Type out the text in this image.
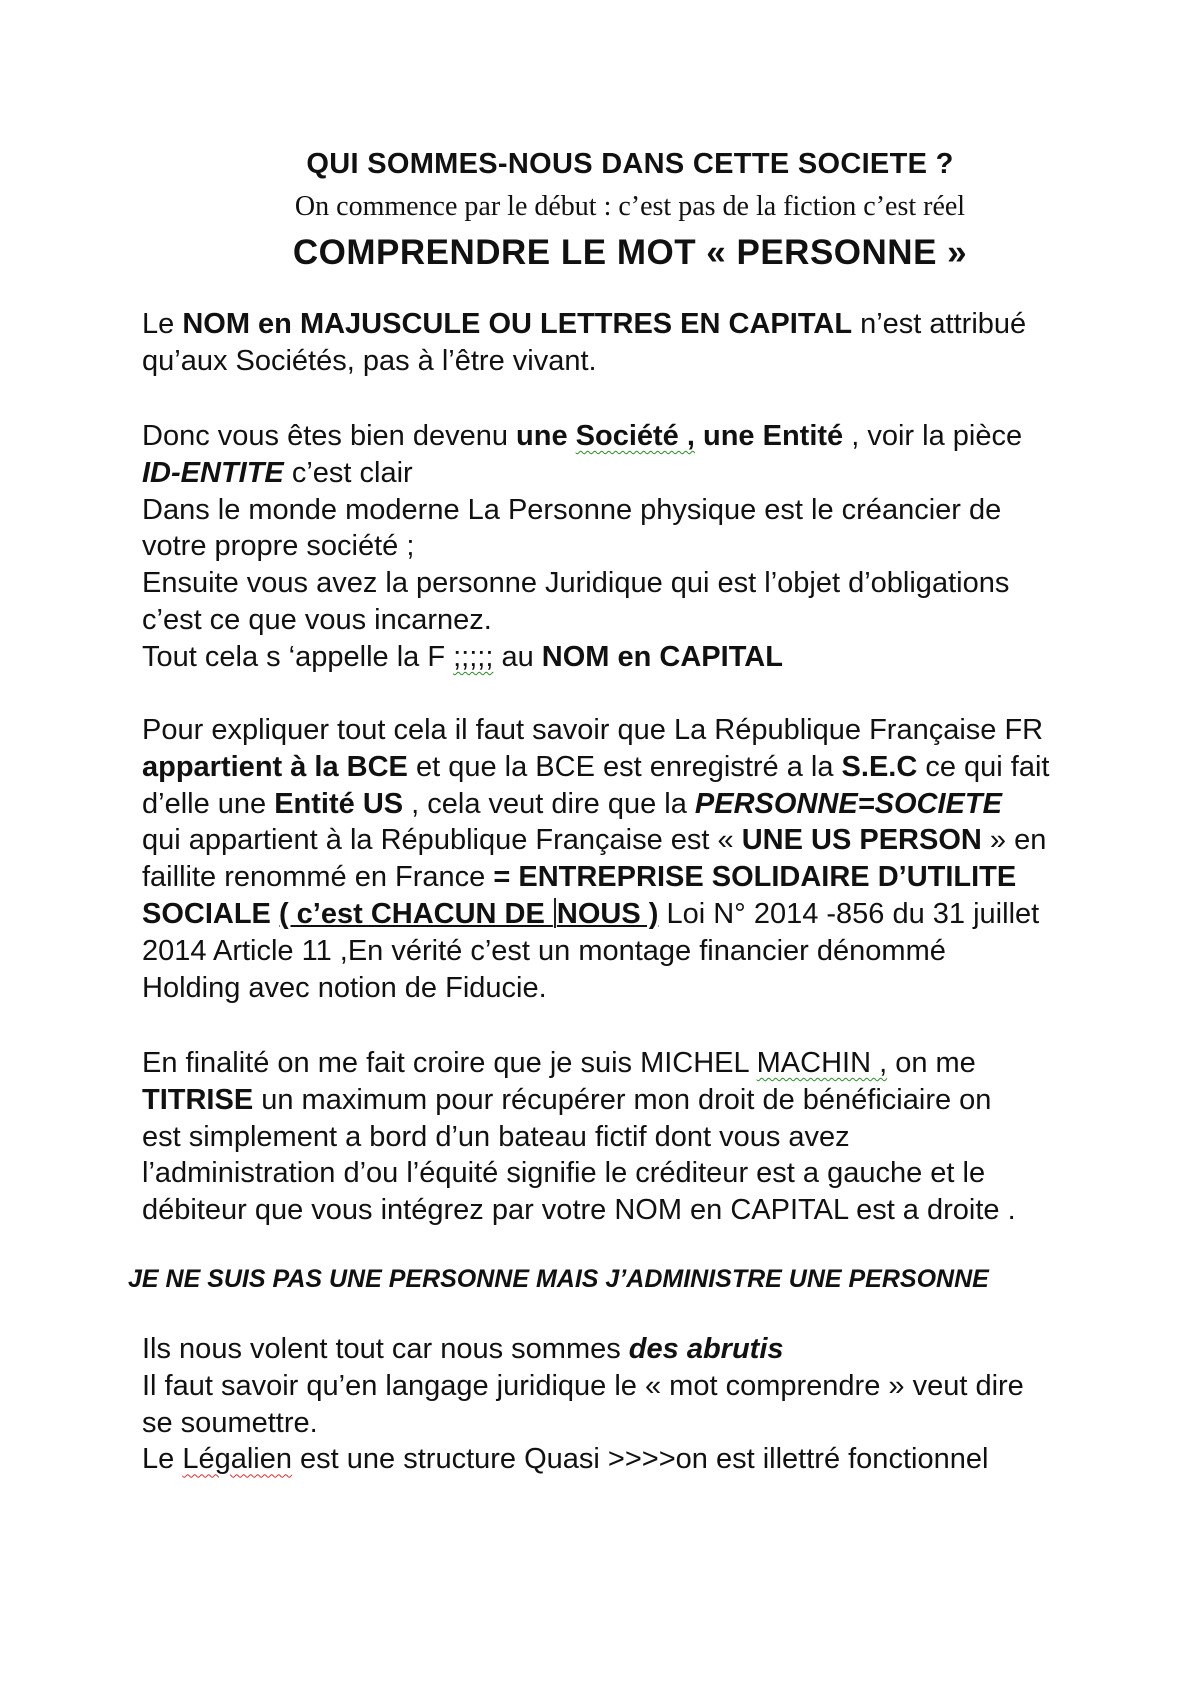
QUI SOMMES-NOUS DANS CETTE SOCIETE ?
On commence par le début : c’est pas de la fiction c’est réel
COMPRENDRE LE MOT « PERSONNE »
Le NOM en MAJUSCULE OU LETTRES EN CAPITAL n’est attribué
qu’aux Sociétés, pas à l’être vivant.
Donc vous êtes bien devenu une Société , une Entité , voir la pièce
ID-ENTITE c’est clair
Dans le monde moderne La Personne physique est le créancier de
votre propre société ;
Ensuite vous avez la personne Juridique qui est l’objet d’obligations
c’est ce que vous incarnez.
Tout cela s ‘appelle la F ;;;;; au NOM en CAPITAL
Pour expliquer tout cela il faut savoir que La République Française FR
appartient à la BCE et que la BCE est enregistré a la S.E.C ce qui fait
d’elle une Entité US , cela veut dire que la PERSONNE=SOCIETE
qui appartient à la République Française est « UNE US PERSON » en
faillite renommé en France = ENTREPRISE SOLIDAIRE D’UTILITE
SOCIALE ( c’est CHACUN DE NOUS ) Loi N° 2014 -856 du 31 juillet
2014 Article 11 ,En vérité c’est un montage financier dénommé
Holding avec notion de Fiducie.
En finalité on me fait croire que je suis MICHEL MACHIN , on me
TITRISE un maximum pour récupérer mon droit de bénéficiaire on
est simplement a bord d’un bateau fictif dont vous avez
l’administration d’ou l’équité signifie le créditeur est a gauche et le
débiteur que vous intégrez par votre NOM en CAPITAL est a droite .
JE NE SUIS PAS UNE PERSONNE MAIS J’ADMINISTRE UNE PERSONNE
Ils nous volent tout car nous sommes des abrutis
Il faut savoir qu’en langage juridique le « mot comprendre » veut dire
se soumettre.
Le Légalien est une structure Quasi >>>>on est illettré fonctionnel
